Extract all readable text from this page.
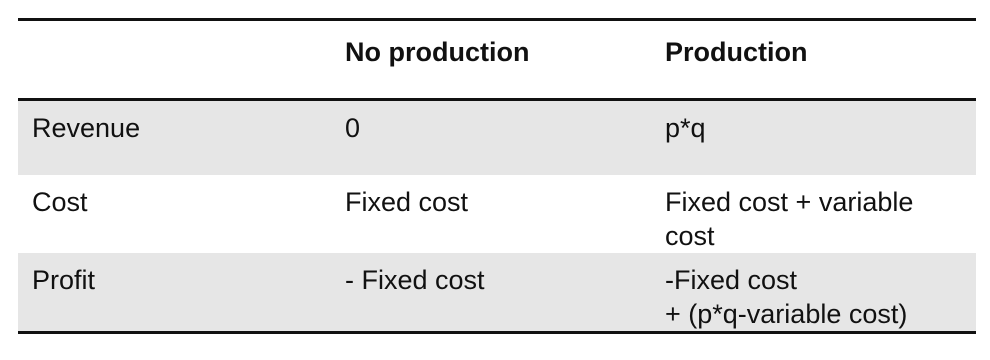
	No production	Production
Revenue	0	p*q

Cost	Fixed cost	Fixed cost + variable
cost

Profit	- Fixed cost	-Fixed cost
+ (p*q-variable cost)
